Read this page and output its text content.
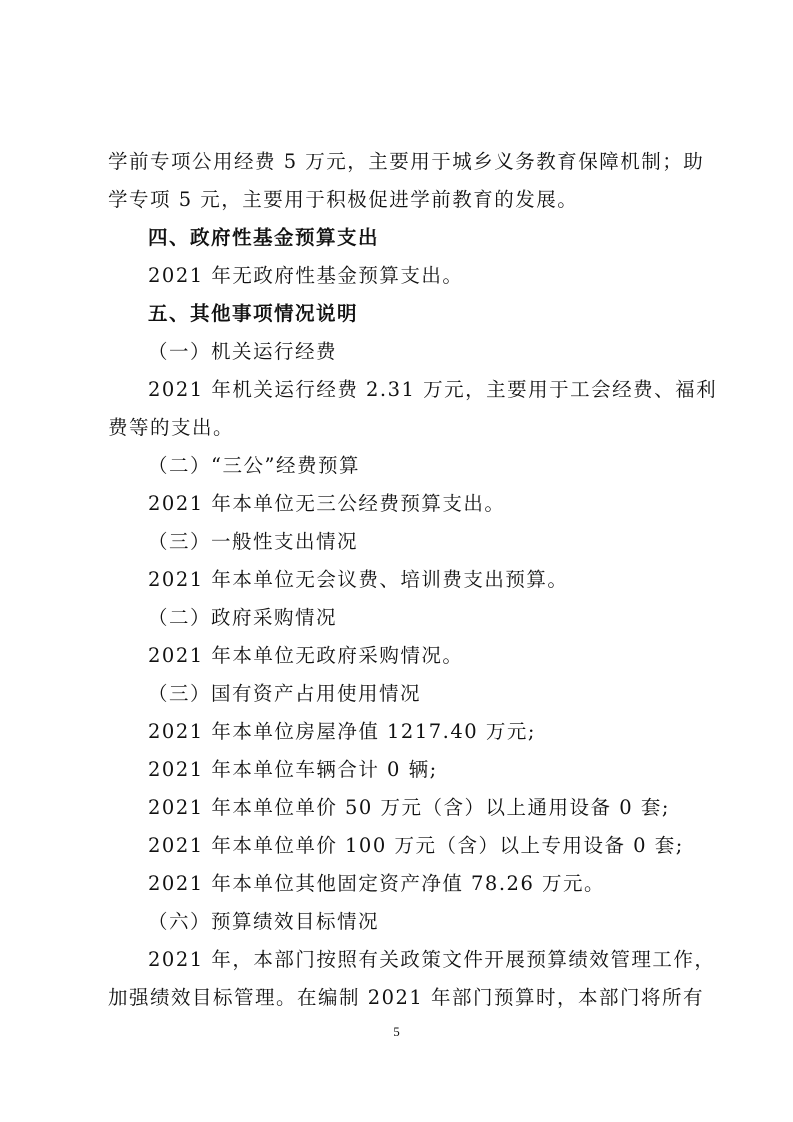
学前专项公用经费 5 万元，主要用于城乡义务教育保障机制；助
学专项 5 元，主要用于积极促进学前教育的发展。
四、政府性基金预算支出
2021 年无政府性基金预算支出。
五、其他事项情况说明
（一）机关运行经费
2021 年机关运行经费 2.31 万元，主要用于工会经费、福利
费等的支出。
（二）“三公”经费预算
2021 年本单位无三公经费预算支出。
（三）一般性支出情况
2021 年本单位无会议费、培训费支出预算。
（二）政府采购情况
2021 年本单位无政府采购情况。
（三）国有资产占用使用情况
2021 年本单位房屋净值 1217.40 万元;
2021 年本单位车辆合计 0 辆;
2021 年本单位单价 50 万元（含）以上通用设备 0 套;
2021 年本单位单价 100 万元（含）以上专用设备 0 套;
2021 年本单位其他固定资产净值 78.26 万元。
（六）预算绩效目标情况
2021 年，本部门按照有关政策文件开展预算绩效管理工作，
加强绩效目标管理。在编制 2021 年部门预算时，本部门将所有
5
